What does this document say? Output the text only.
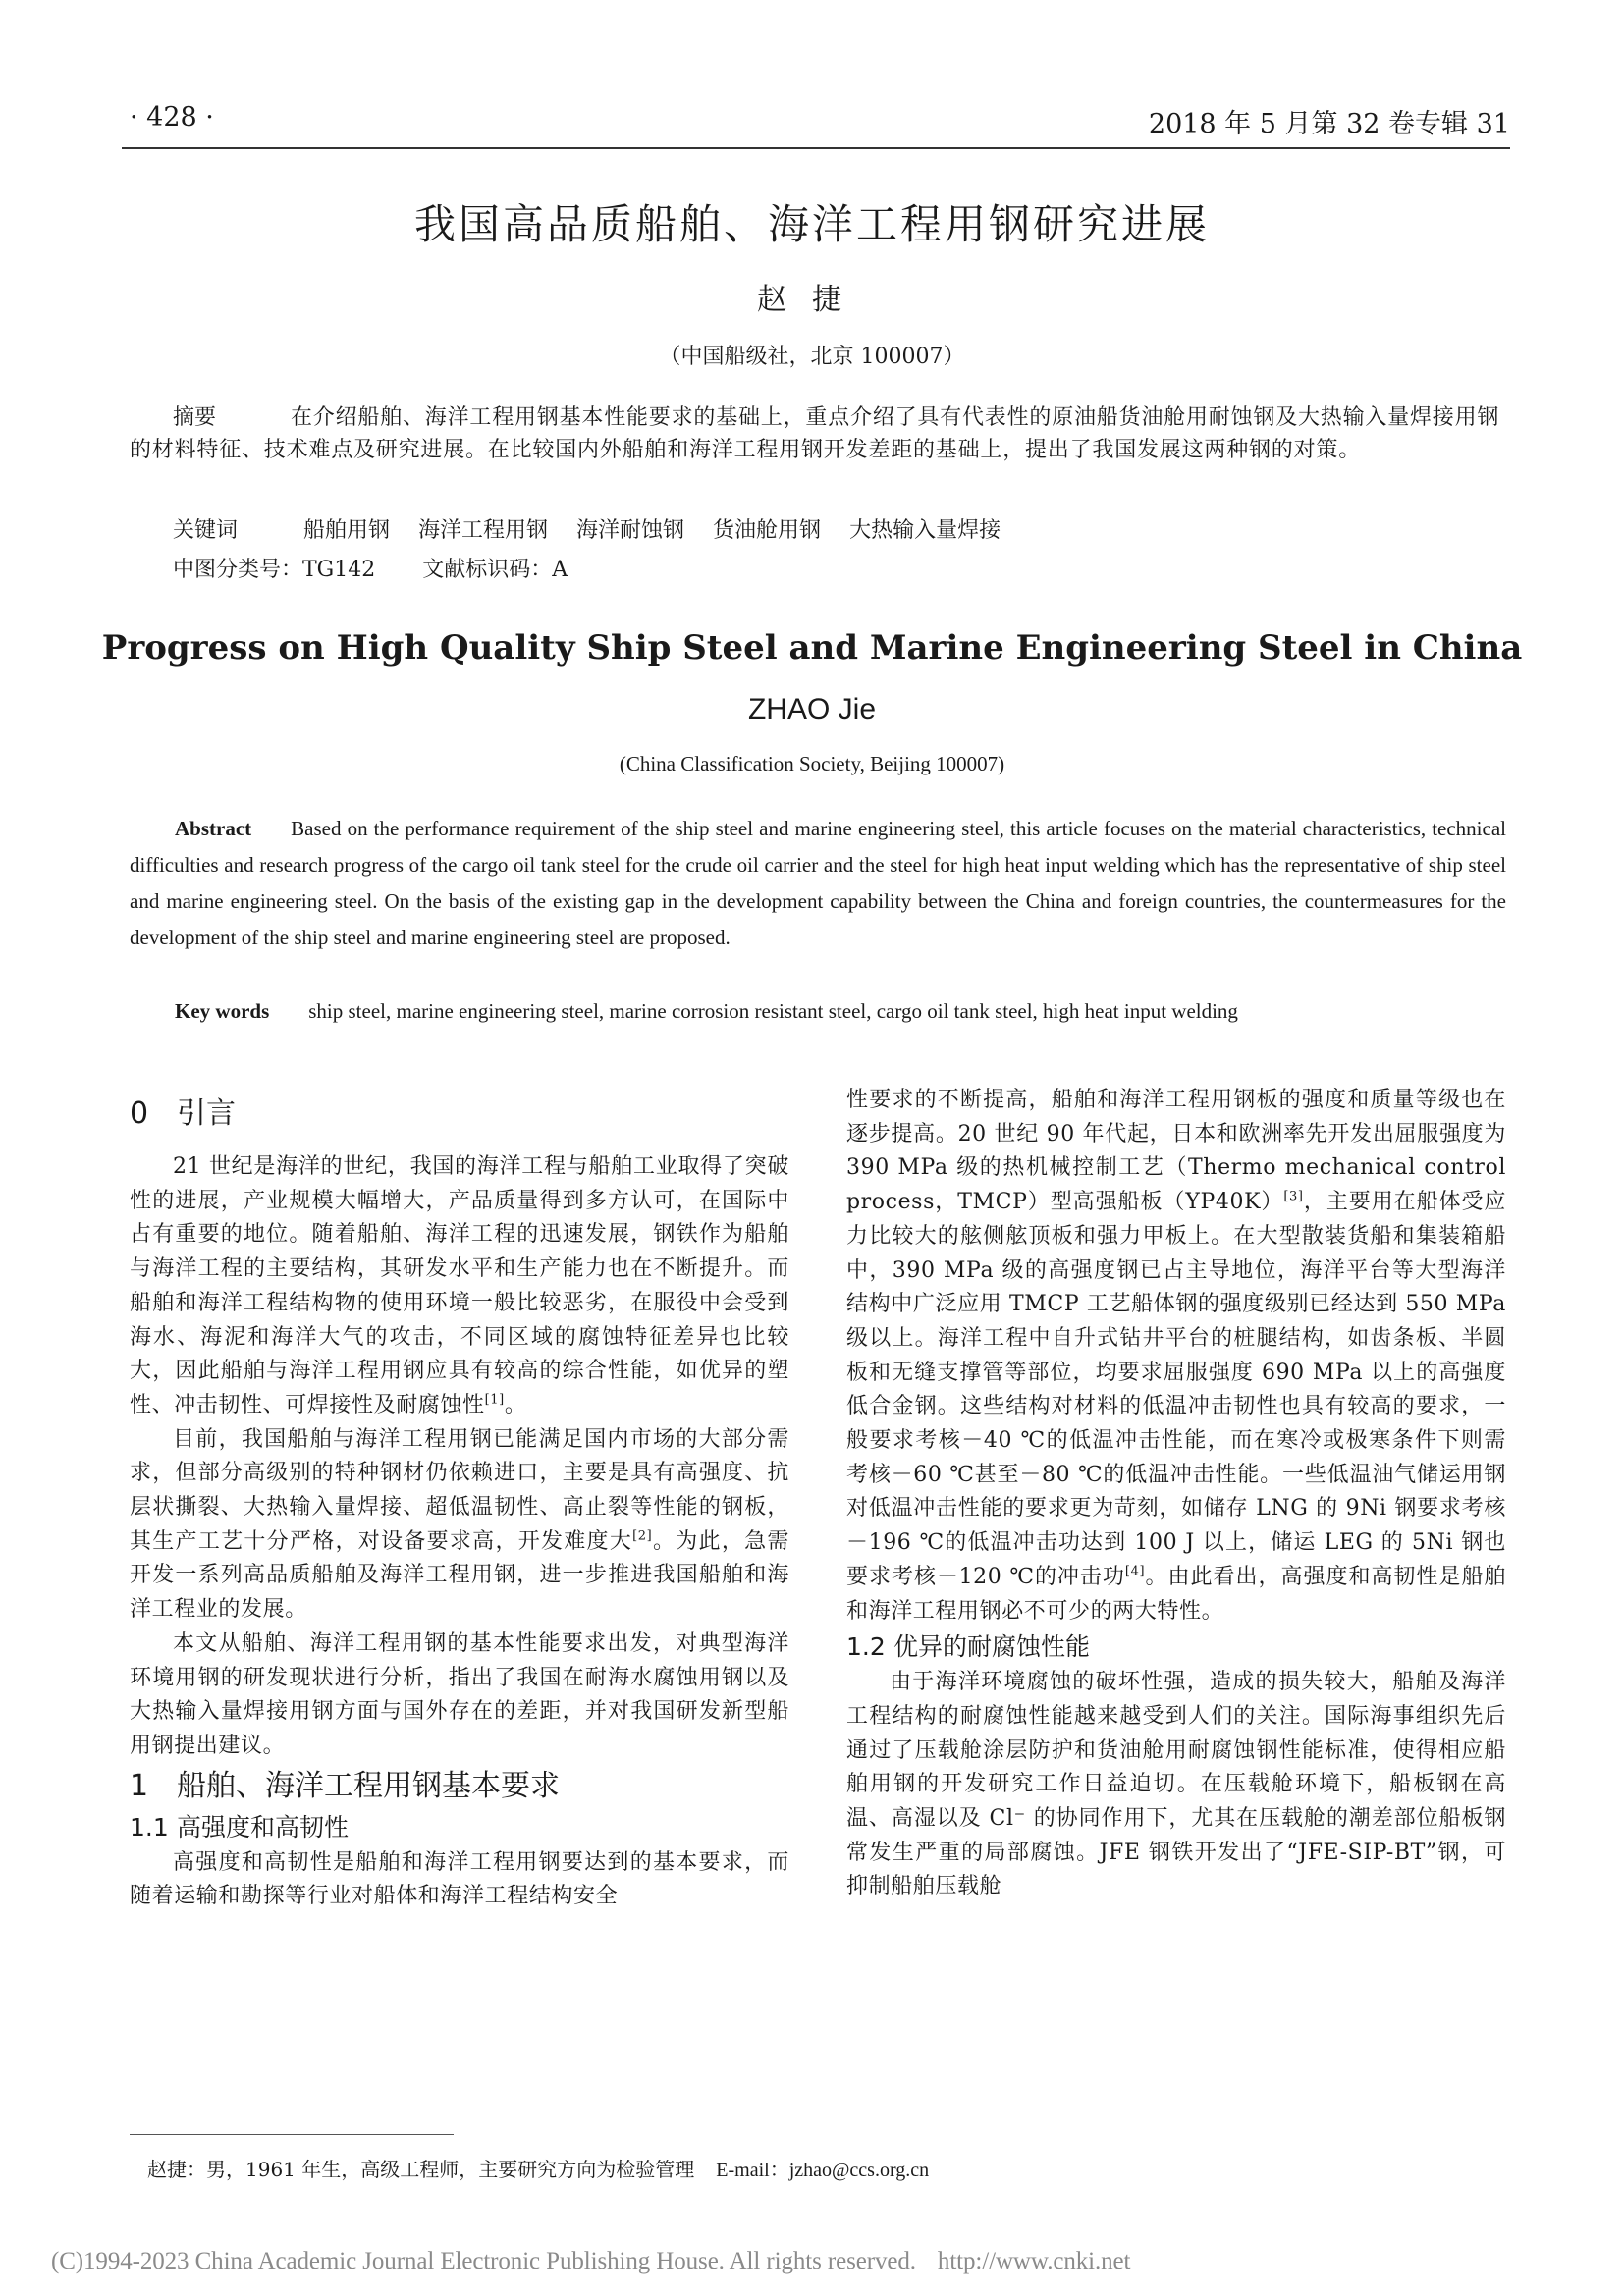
· 428 ·	2018 年 5 月第 32 卷专辑 31
我国高品质船舶、海洋工程用钢研究进展
赵捷
（中国船级社，北京 100007）
摘要	在介绍船舶、海洋工程用钢基本性能要求的基础上，重点介绍了具有代表性的原油船货油舱用耐蚀钢及大热输入量焊接用钢的材料特征、技术难点及研究进展。在比较国内外船舶和海洋工程用钢开发差距的基础上，提出了我国发展这两种钢的对策。
关键词	船舶用钢 海洋工程用钢 海洋耐蚀钢 货油舱用钢 大热输入量焊接
中图分类号：TG142 文献标识码：A
Progress on High Quality Ship Steel and Marine Engineering Steel in China
ZHAO Jie
(China Classification Society, Beijing 100007)
Abstract Based on the performance requirement of the ship steel and marine engineering steel, this article focuses on the material characteristics, technical difficulties and research progress of the cargo oil tank steel for the crude oil carrier and the steel for high heat input welding which has the representative of ship steel and marine engineering steel. On the basis of the existing gap in the development capability between the China and foreign countries, the countermeasures for the development of the ship steel and marine engineering steel are proposed.
Key words ship steel, marine engineering steel, marine corrosion resistant steel, cargo oil tank steel, high heat input welding
0 引言

21 世纪是海洋的世纪，我国的海洋工程与船舶工业取得了突破性的进展，产业规模大幅增大，产品质量得到多方认可，在国际中占有重要的地位。随着船舶、海洋工程的迅速发展，钢铁作为船舶与海洋工程的主要结构，其研发水平和生产能力也在不断提升。而船舶和海洋工程结构物的使用环境一般比较恶劣，在服役中会受到海水、海泥和海洋大气的攻击，不同区域的腐蚀特征差异也比较大，因此船舶与海洋工程用钢应具有较高的综合性能，如优异的塑性、冲击韧性、可焊接性及耐腐蚀性[1]。

目前，我国船舶与海洋工程用钢已能满足国内市场的大部分需求，但部分高级别的特种钢材仍依赖进口，主要是具有高强度、抗层状撕裂、大热输入量焊接、超低温韧性、高止裂等性能的钢板，其生产工艺十分严格，对设备要求高，开发难度大[2]。为此，急需开发一系列高品质船舶及海洋工程用钢，进一步推进我国船舶和海洋工程业的发展。

本文从船舶、海洋工程用钢的基本性能要求出发，对典型海洋环境用钢的研发现状进行分析，指出了我国在耐海水腐蚀用钢以及大热输入量焊接用钢方面与国外存在的差距，并对我国研发新型船用钢提出建议。

1 船舶、海洋工程用钢基本要求
1.1 高强度和高韧性

高强度和高韧性是船舶和海洋工程用钢要达到的基本要求，而随着运输和勘探等行业对船体和海洋工程结构安全

性要求的不断提高，船舶和海洋工程用钢板的强度和质量等级也在逐步提高。20 世纪 90 年代起，日本和欧洲率先开发出屈服强度为 390 MPa 级的热机械控制工艺（Thermo mechanical control process，TMCP）型高强船板（YP40K）[3]，主要用在船体受应力比较大的舷侧舷顶板和强力甲板上。在大型散装货船和集装箱船中，390 MPa 级的高强度钢已占主导地位，海洋平台等大型海洋结构中广泛应用 TMCP 工艺船体钢的强度级别已经达到 550 MPa 级以上。海洋工程中自升式钻井平台的桩腿结构，如齿条板、半圆板和无缝支撑管等部位，均要求屈服强度 690 MPa 以上的高强度低合金钢。这些结构对材料的低温冲击韧性也具有较高的要求，一般要求考核－40 ℃的低温冲击性能，而在寒冷或极寒条件下则需考核－60 ℃甚至－80 ℃的低温冲击性能。一些低温油气储运用钢对低温冲击性能的要求更为苛刻，如储存 LNG 的 9Ni 钢要求考核－196 ℃的低温冲击功达到 100 J 以上，储运 LEG 的 5Ni 钢也要求考核－120 ℃的冲击功[4]。由此看出，高强度和高韧性是船舶和海洋工程用钢必不可少的两大特性。

1.2 优异的耐腐蚀性能

由于海洋环境腐蚀的破坏性强，造成的损失较大，船舶及海洋工程结构的耐腐蚀性能越来越受到人们的关注。国际海事组织先后通过了压载舱涂层防护和货油舱用耐腐蚀钢性能标准，使得相应船舶用钢的开发研究工作日益迫切。在压载舱环境下，船板钢在高温、高湿以及 Cl⁻ 的协同作用下，尤其在压载舱的潮差部位船板钢常发生严重的局部腐蚀。JFE 钢铁开发出了“JFE-SIP-BT”钢，可抑制船舶压载舱

赵捷：男，1961 年生，高级工程师，主要研究方向为检验管理 E-mail：jzhao@ccs.org.cn
(C)1994-2023 China Academic Journal Electronic Publishing House. All rights reserved. http://www.cnki.net
